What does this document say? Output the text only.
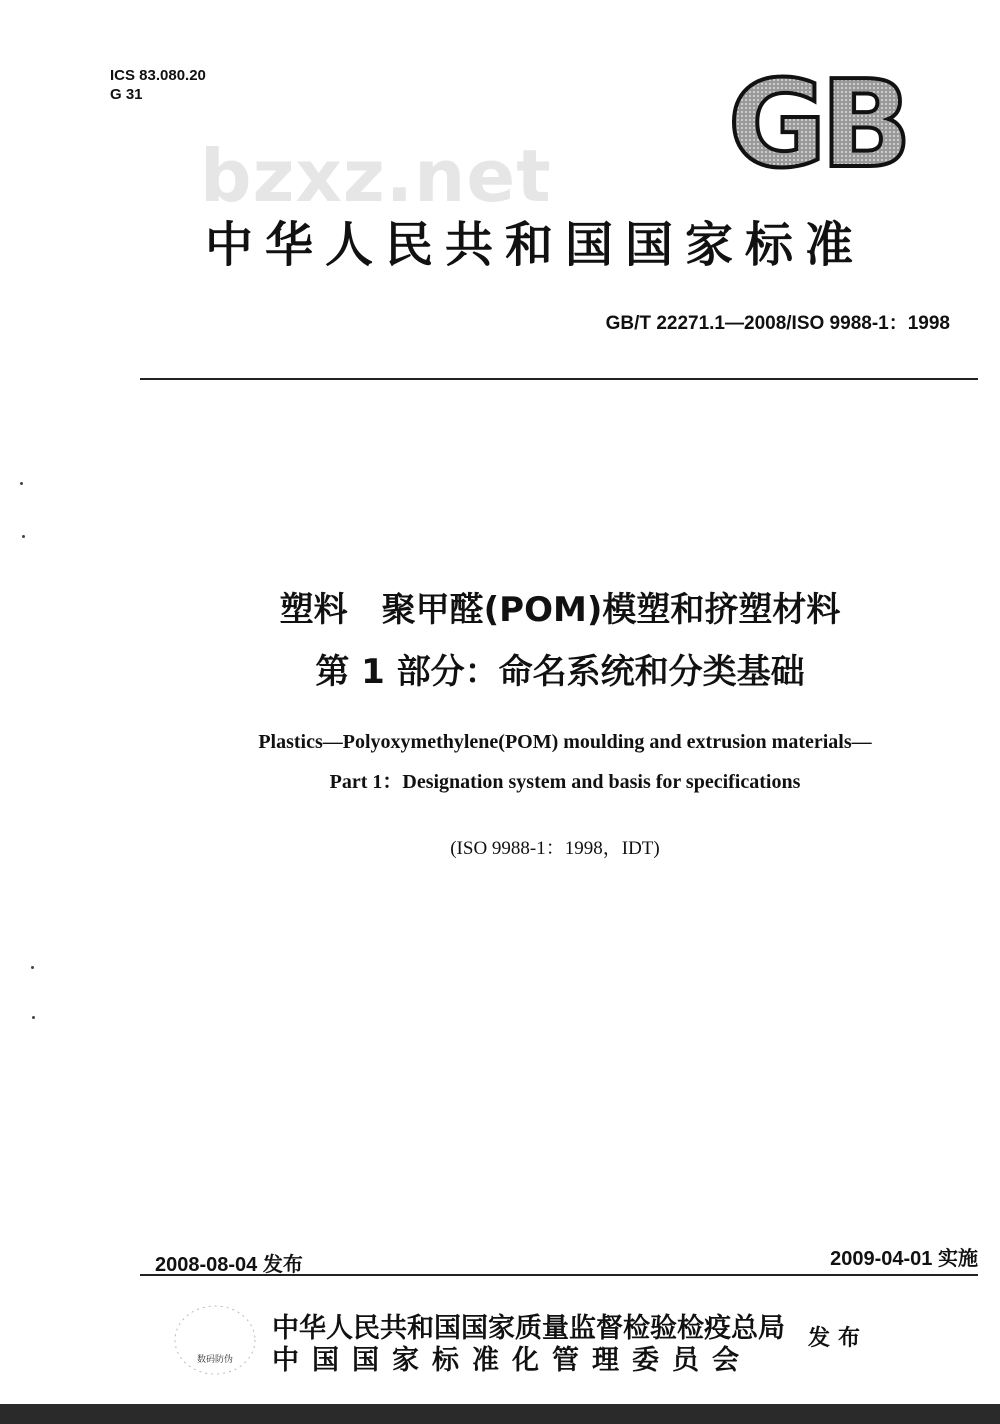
ICS 83.080.20
G 31	GB
bzxz.net
中华人民共和国国家标准
GB/T 22271.1—2008/ISO 9988-1：1998
塑料　聚甲醛(POM)模塑和挤塑材料
第 1 部分：命名系统和分类基础
Plastics—Polyoxymethylene(POM) moulding and extrusion materials—
Part 1：Designation system and basis for specifications
(ISO 9988-1：1998，IDT)
2008-08-04 发布	2009-04-01 实施
数码防伪
中华人民共和国国家质量监督检验检疫总局
中国国家标准化管理委员会
发布
